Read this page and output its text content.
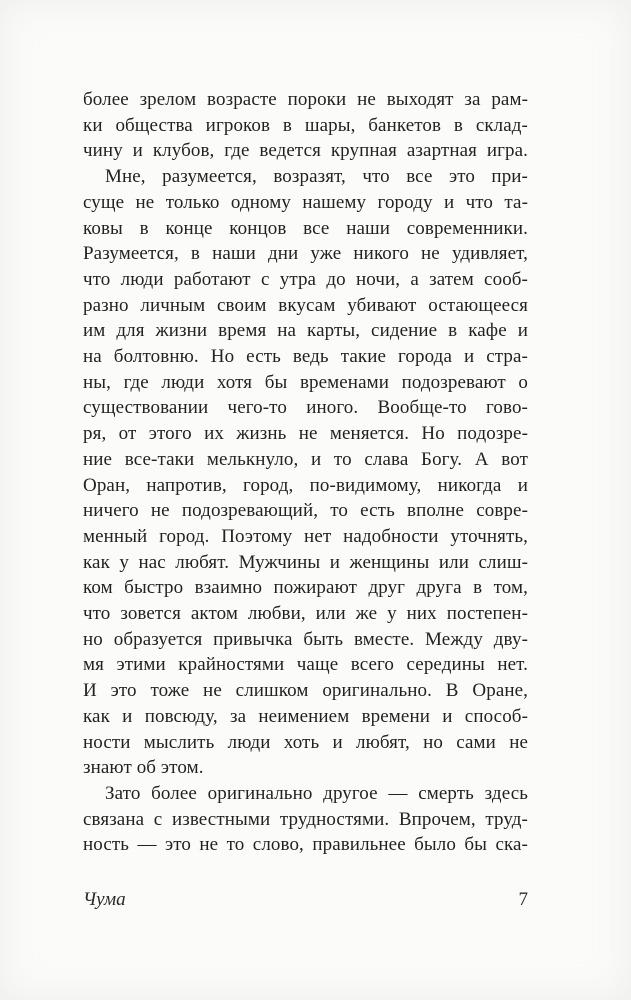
более зрелом возрасте пороки не выходят за рам-
ки общества игроков в шары, банкетов в склад-
чину и клубов, где ведется крупная азартная игра.
Мне, разумеется, возразят, что все это при-
суще не только одному нашему городу и что та-
ковы в конце концов все наши современники.
Разумеется, в наши дни уже никого не удивляет,
что люди работают с утра до ночи, а затем сооб-
разно личным своим вкусам убивают остающееся
им для жизни время на карты, сидение в кафе и
на болтовню. Но есть ведь такие города и стра-
ны, где люди хотя бы временами подозревают о
существовании чего-то иного. Вообще-то гово-
ря, от этого их жизнь не меняется. Но подозре-
ние все-таки мелькнуло, и то слава Богу. А вот
Оран, напротив, город, по-видимому, никогда и
ничего не подозревающий, то есть вполне совре-
менный город. Поэтому нет надобности уточнять,
как у нас любят. Мужчины и женщины или слиш-
ком быстро взаимно пожирают друг друга в том,
что зовется актом любви, или же у них постепен-
но образуется привычка быть вместе. Между дву-
мя этими крайностями чаще всего середины нет.
И это тоже не слишком оригинально. В Оране,
как и повсюду, за неимением времени и способ-
ности мыслить люди хоть и любят, но сами не
знают об этом.
Зато более оригинально другое — смерть здесь
связана с известными трудностями. Впрочем, труд-
ность — это не то слово, правильнее было бы ска-
Чума	7
